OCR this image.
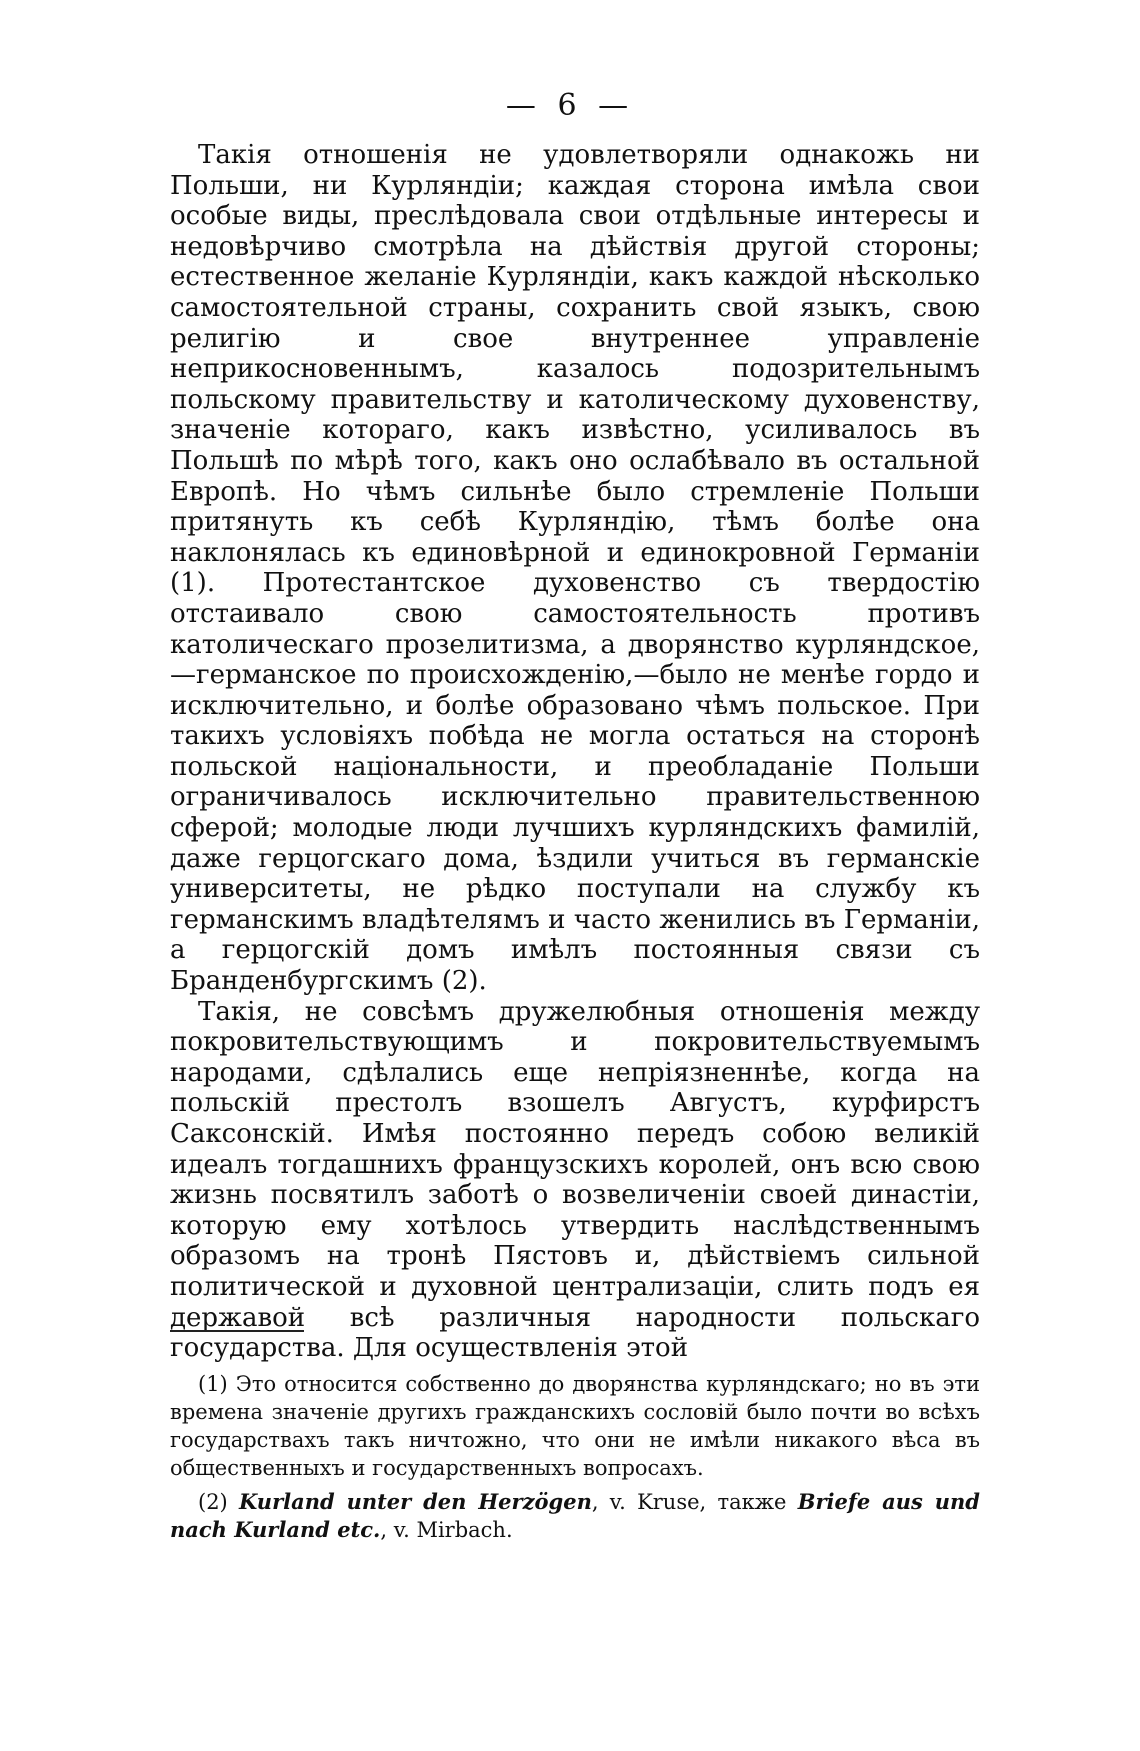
— 6 —

Такія отношенія не удовлетворяли однакожь ни Польши, ни Курляндіи; каждая сторона имѣла свои особые виды, преслѣдовала свои отдѣльные интересы и недовѣрчиво смотрѣла на дѣйствія другой стороны; естественное желаніе Курляндіи, какъ каждой нѣсколько самостоятельной страны, сохранить свой языкъ, свою религію и свое внутреннее управленіе неприкосновеннымъ, казалось подозрительнымъ польскому правительству и католическому духовенству, значеніе котораго, какъ извѣстно, усиливалось въ Польшѣ по мѣрѣ того, какъ оно ослабѣвало въ остальной Европѣ. Но чѣмъ сильнѣе было стремленіе Польши притянуть къ себѣ Курляндію, тѣмъ болѣе она наклонялась къ единовѣрной и единокровной Германіи (1). Протестантское духовенство съ твердостію отстаивало свою самостоятельность противъ католическаго прозелитизма, а дворянство курляндское,—германское по происхожденію,—было не менѣе гордо и исключительно, и болѣе образовано чѣмъ польское. При такихъ условіяхъ побѣда не могла остаться на сторонѣ польской національности, и преобладаніе Польши ограничивалось исключительно правительственною сферой; молодые люди лучшихъ курляндскихъ фамилій, даже герцогскаго дома, ѣздили учиться въ германскіе университеты, не рѣдко поступали на службу къ германскимъ владѣтелямъ и часто женились въ Германіи, а герцогскій домъ имѣлъ постоянныя связи съ Бранденбургскимъ (2).

Такія, не совсѣмъ дружелюбныя отношенія между покровительствующимъ и покровительствуемымъ народами, сдѣлались еще непріязненнѣе, когда на польскій престолъ взошелъ Августъ, курфирстъ Саксонскій. Имѣя постоянно передъ собою великій идеалъ тогдашнихъ французскихъ королей, онъ всю свою жизнь посвятилъ заботѣ о возвеличеніи своей династіи, которую ему хотѣлось утвердить наслѣдственнымъ образомъ на тронѣ Пястовъ и, дѣйствіемъ сильной политической и духовной централизаціи, слить подъ ея державой всѣ различныя народности польскаго государства. Для осуществленія этой

(1) Это относится собственно до дворянства курляндскаго; но въ эти времена значеніе другихъ гражданскихъ сословій было почти во всѣхъ государствахъ такъ ничтожно, что они не имѣли никакого вѣса въ общественныхъ и государственныхъ вопросахъ.

(2) Kurland unter den Herzögen, v. Kruse, также Briefe aus und nach Kurland etc., v. Mirbach.
